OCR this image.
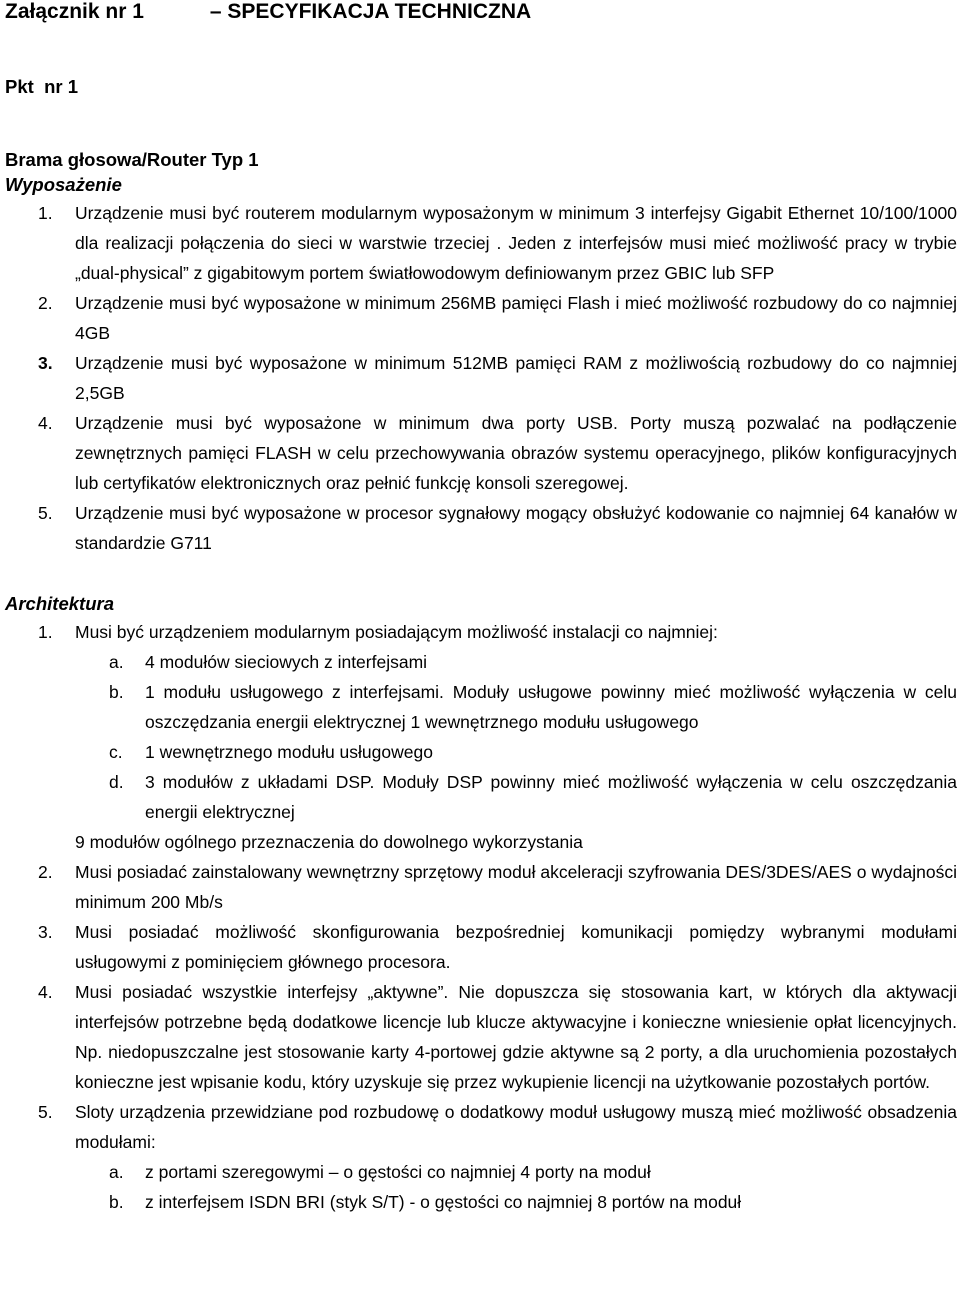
Załącznik nr 1	– SPECYFIKACJA TECHNICZNA
Pkt  nr 1
Brama głosowa/Router Typ 1
Wyposażenie
1.	Urządzenie musi być routerem modularnym wyposażonym w minimum 3 interfejsy Gigabit Ethernet 10/100/1000 dla realizacji połączenia do sieci w warstwie trzeciej . Jeden z interfejsów musi mieć możliwość pracy w trybie „dual-physical” z gigabitowym portem światłowodowym definiowanym przez GBIC lub SFP
2.	Urządzenie musi być wyposażone w minimum 256MB pamięci Flash i mieć możliwość rozbudowy do co najmniej 4GB
3.	Urządzenie musi być wyposażone w minimum 512MB pamięci RAM z możliwością rozbudowy do co najmniej 2,5GB
4.	Urządzenie musi być wyposażone w minimum dwa porty USB. Porty muszą pozwalać na podłączenie zewnętrznych pamięci FLASH w celu przechowywania obrazów systemu operacyjnego, plików konfiguracyjnych lub certyfikatów elektronicznych oraz pełnić funkcję konsoli szeregowej.
5.	Urządzenie musi być wyposażone w procesor sygnałowy mogący obsłużyć kodowanie co najmniej 64 kanałów w standardzie G711
Architektura
1.	Musi być urządzeniem modularnym posiadającym możliwość instalacji co najmniej:
a. 4 modułów sieciowych z interfejsami
b. 1 modułu usługowego z interfejsami. Moduły usługowe powinny mieć możliwość wyłączenia w celu oszczędzania energii elektrycznej 1 wewnętrznego modułu usługowego
c. 1 wewnętrznego modułu usługowego
d. 3 modułów z układami DSP. Moduły DSP powinny mieć możliwość wyłączenia w celu oszczędzania energii elektrycznej
9 modułów ogólnego przeznaczenia do dowolnego wykorzystania
2.	Musi posiadać zainstalowany wewnętrzny sprzętowy moduł akceleracji szyfrowania DES/3DES/AES o wydajności minimum 200 Mb/s
3.	Musi posiadać możliwość skonfigurowania bezpośredniej komunikacji pomiędzy wybranymi modułami usługowymi z pominięciem głównego procesora.
4.	Musi posiadać wszystkie interfejsy „aktywne”. Nie dopuszcza się stosowania kart, w których dla aktywacji interfejsów potrzebne będą dodatkowe licencje lub klucze aktywacyjne i konieczne wniesienie opłat licencyjnych. Np. niedopuszczalne jest stosowanie karty 4-portowej gdzie aktywne są 2 porty, a dla uruchomienia pozostałych konieczne jest wpisanie kodu, który uzyskuje się przez wykupienie licencji na użytkowanie pozostałych portów.
5.	Sloty urządzenia przewidziane pod rozbudowę o dodatkowy moduł usługowy muszą mieć możliwość obsadzenia modułami:
a. z portami szeregowymi – o gęstości co najmniej 4 porty na moduł
b. z interfejsem ISDN BRI (styk S/T) - o gęstości co najmniej 8 portów na moduł
